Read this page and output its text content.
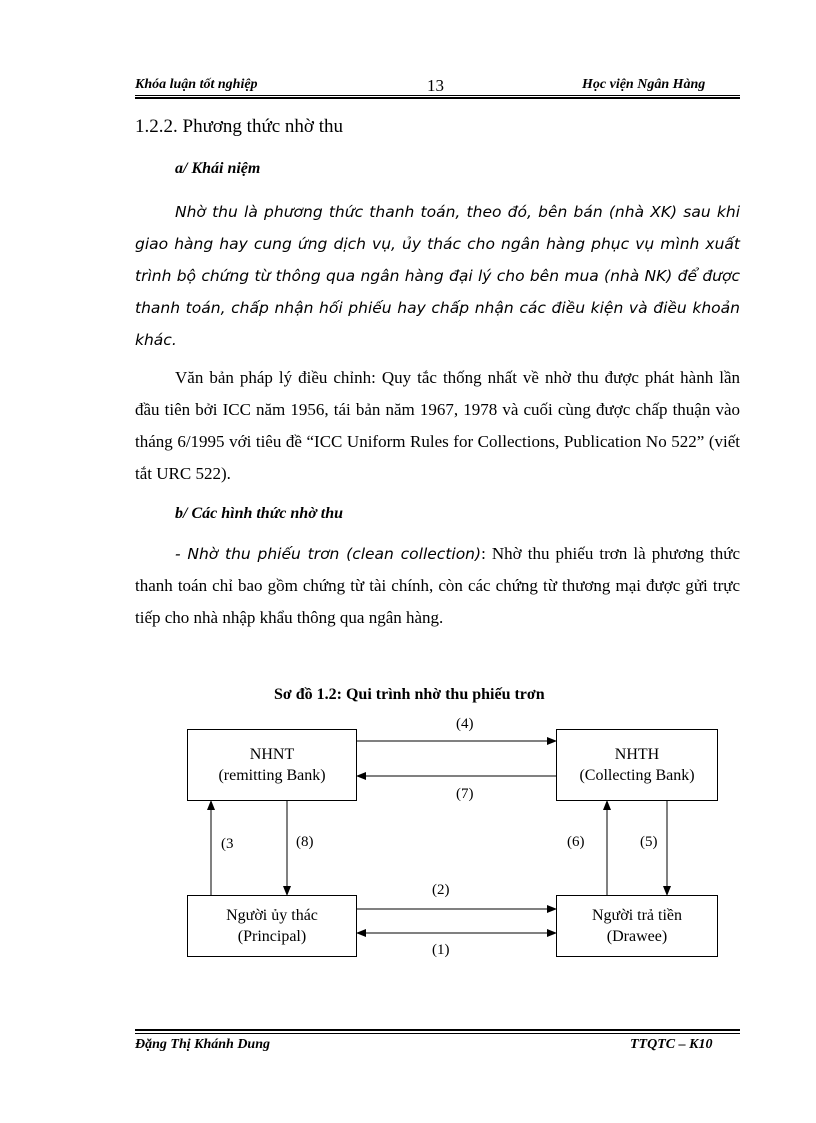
Khóa luận tốt nghiệp	13	Học viện Ngân Hàng
1.2.2. Phương thức nhờ thu
a/ Khái niệm

Nhờ thu là phương thức thanh toán, theo đó, bên bán (nhà XK) sau khi giao hàng hay cung ứng dịch vụ, ủy thác cho ngân hàng phục vụ mình xuất trình bộ chứng từ thông qua ngân hàng đại lý cho bên mua (nhà NK) để được thanh toán, chấp nhận hối phiếu hay chấp nhận các điều kiện và điều khoản khác.

Văn bản pháp lý điều chỉnh: Quy tắc thống nhất về nhờ thu được phát hành lần đầu tiên bởi ICC năm 1956, tái bản năm 1967, 1978 và cuối cùng được chấp thuận vào tháng 6/1995 với tiêu đề “ICC Uniform Rules for Collections, Publication No 522” (viết tắt URC 522).

b/ Các hình thức nhờ thu

- Nhờ thu phiếu trơn (clean collection): Nhờ thu phiếu trơn là phương thức thanh toán chỉ bao gồm chứng từ tài chính, còn các chứng từ thương mại được gửi trực tiếp cho nhà nhập khẩu thông qua ngân hàng.

Sơ đồ 1.2: Qui trình nhờ thu phiếu trơn
NHNT
(remitting Bank)
NHTH
(Collecting Bank)
Người ủy thác
(Principal)
Người trả tiền
(Drawee)
(4)
(7)
(3	(8)	(6)	(5)
(2)
(1)
Đặng Thị Khánh Dung	TTQTC – K10
